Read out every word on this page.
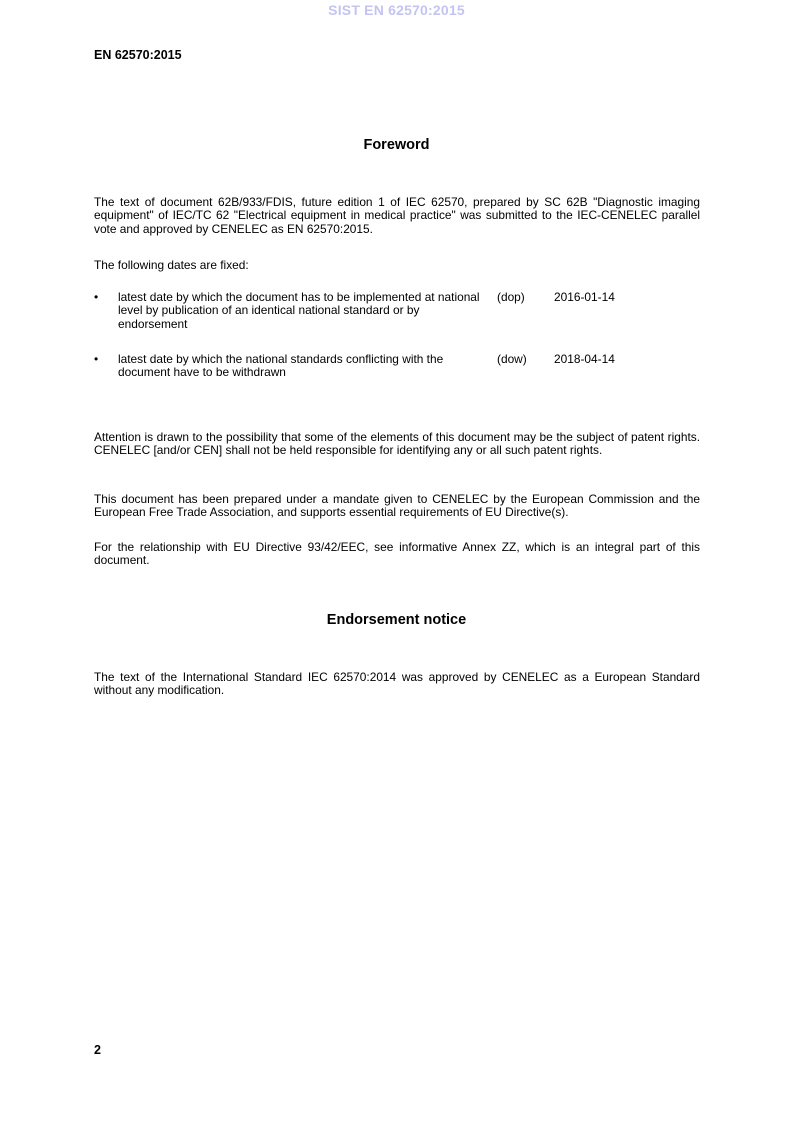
SIST EN 62570:2015
EN 62570:2015
Foreword
The text of document 62B/933/FDIS, future edition 1 of IEC 62570, prepared by SC 62B "Diagnostic imaging equipment" of IEC/TC 62 "Electrical equipment in medical practice" was submitted to the IEC-CENELEC parallel vote and approved by CENELEC as EN 62570:2015.
The following dates are fixed:
• latest date by which the document has to be implemented at national level by publication of an identical national standard or by endorsement
(dop) 2016-01-14
• latest date by which the national standards conflicting with the document have to be withdrawn
(dow) 2018-04-14
Attention is drawn to the possibility that some of the elements of this document may be the subject of patent rights. CENELEC [and/or CEN] shall not be held responsible for identifying any or all such patent rights.
This document has been prepared under a mandate given to CENELEC by the European Commission and the European Free Trade Association, and supports essential requirements of EU Directive(s).
For the relationship with EU Directive 93/42/EEC, see informative Annex ZZ, which is an integral part of this document.
Endorsement notice
The text of the International Standard IEC 62570:2014 was approved by CENELEC as a European Standard without any modification.
2
